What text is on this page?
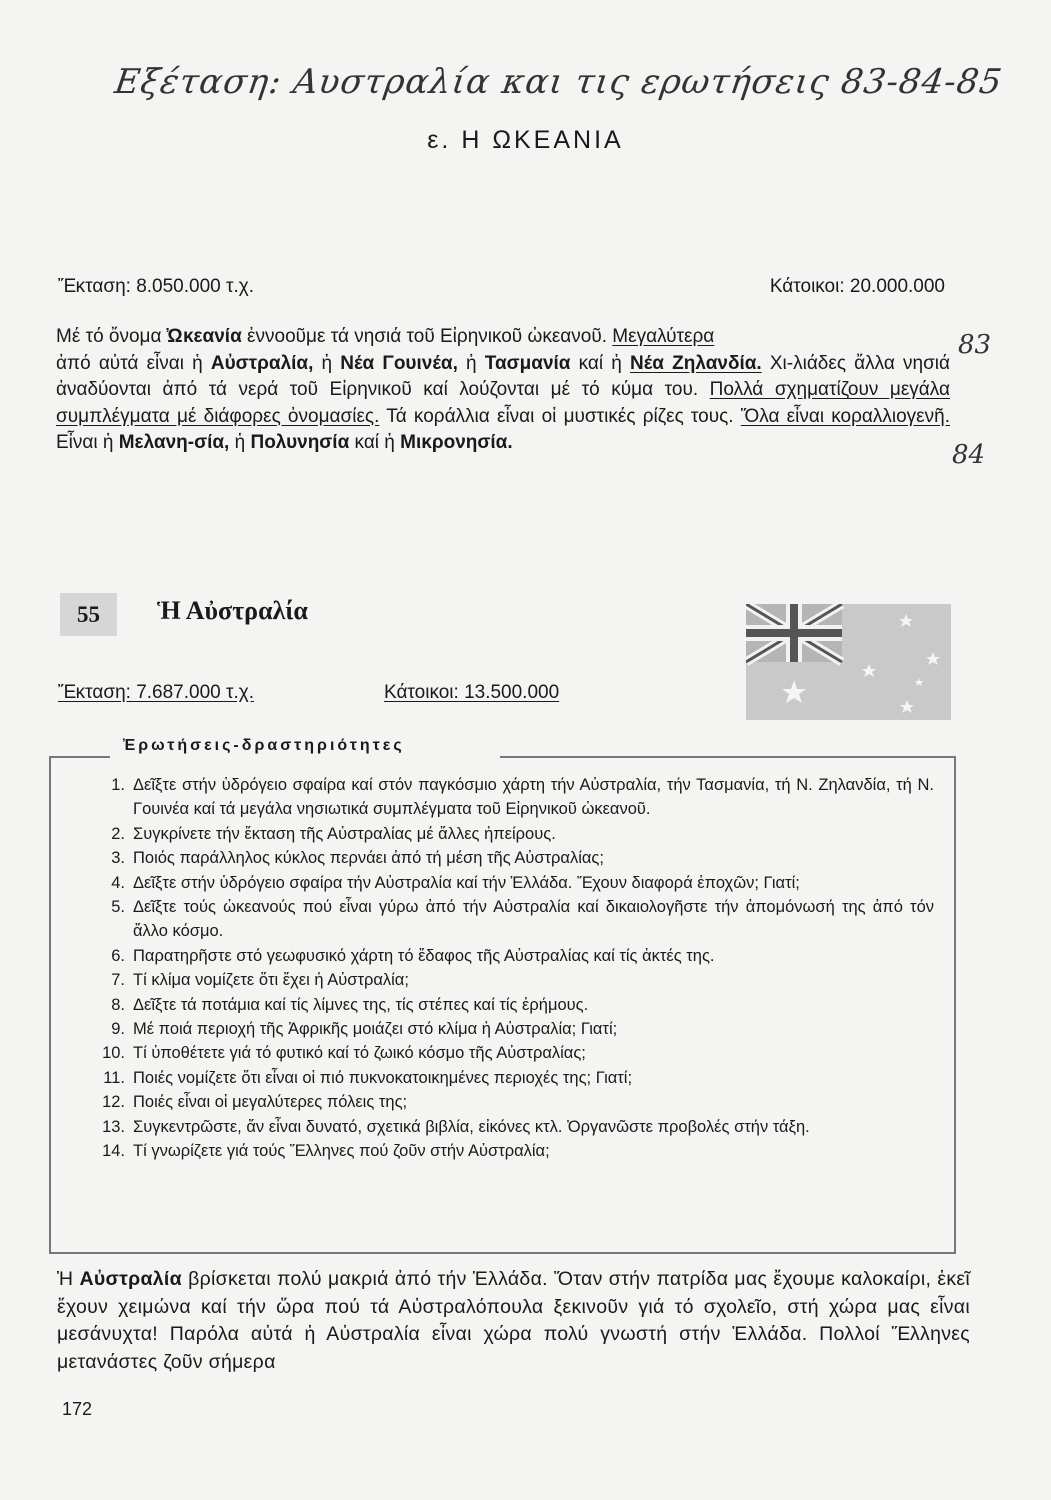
Εξέταση: Αυστραλία και τις ερωτήσεις 83-84-85
83
84
ε. Η ΩΚΕΑΝΙΑ
Ἔκταση: 8.050.000 τ.χ.	Κάτοικοι: 20.000.000
Μέ τό ὄνομα Ὠκεανία ἐννοοῦμε τά νησιά τοῦ Εἰρηνικοῦ ὠκεανοῦ. Μεγαλύτερα
ἀπό αὐτά εἶναι ἡ Αὐστραλία, ἡ Νέα Γουινέα, ἡ Τασμανία καί ἡ Νέα Ζηλανδία. Χι-λιάδες ἄλλα νησιά ἀναδύονται ἀπό τά νερά τοῦ Εἰρηνικοῦ καί λούζονται μέ τό κύμα του. Πολλά σχηματίζουν μεγάλα συμπλέγματα μέ διάφορες ὀνομασίες. Τά κοράλλια εἶναι οἱ μυστικές ρίζες τους. Ὅλα εἶναι κοραλλιογενῆ. Εἶναι ἡ Μελανη-σία, ἡ Πολυνησία καί ἡ Μικρονησία.
55	Ἡ Αὐστραλία
Ἔκταση: 7.687.000 τ.χ.	Κάτοικοι: 13.500.000
Ἐρωτήσεις-δραστηριότητες
1. Δεῖξτε στήν ὑδρόγειο σφαίρα καί στόν παγκόσμιο χάρτη τήν Αὐστραλία, τήν Τασμανία, τή Ν. Ζηλανδία, τή Ν. Γουινέα καί τά μεγάλα νησιωτικά συμπλέγματα τοῦ Εἰρηνικοῦ ὠκεανοῦ.
2. Συγκρίνετε τήν ἔκταση τῆς Αὐστραλίας μέ ἄλλες ἠπείρους.
3. Ποιός παράλληλος κύκλος περνάει ἀπό τή μέση τῆς Αὐστραλίας;
4. Δεῖξτε στήν ὑδρόγειο σφαίρα τήν Αὐστραλία καί τήν Ἑλλάδα. Ἔχουν διαφορά ἐποχῶν; Γιατί;
5. Δεῖξτε τούς ὠκεανούς πού εἶναι γύρω ἀπό τήν Αὐστραλία καί δικαιολογῆστε τήν ἀπομόνωσή της ἀπό τόν ἄλλο κόσμο.
6. Παρατηρῆστε στό γεωφυσικό χάρτη τό ἔδαφος τῆς Αὐστραλίας καί τίς ἀκτές της.
7. Τί κλίμα νομίζετε ὅτι ἔχει ἡ Αὐστραλία;
8. Δεῖξτε τά ποτάμια καί τίς λίμνες της, τίς στέπες καί τίς ἐρήμους.
9. Μέ ποιά περιοχή τῆς Ἀφρικῆς μοιάζει στό κλίμα ἡ Αὐστραλία; Γιατί;
10. Τί ὑποθέτετε γιά τό φυτικό καί τό ζωικό κόσμο τῆς Αὐστραλίας;
11. Ποιές νομίζετε ὅτι εἶναι οἱ πιό πυκνοκατοικημένες περιοχές της; Γιατί;
12. Ποιές εἶναι οἱ μεγαλύτερες πόλεις της;
13. Συγκεντρῶστε, ἄν εἶναι δυνατό, σχετικά βιβλία, εἰκόνες κτλ. Ὀργανῶστε προβολές στήν τάξη.
14. Τί γνωρίζετε γιά τούς Ἕλληνες πού ζοῦν στήν Αὐστραλία;
Ἡ Αὐστραλία βρίσκεται πολύ μακριά ἀπό τήν Ἑλλάδα. Ὅταν στήν πατρίδα μας ἔχουμε καλοκαίρι, ἐκεῖ ἔχουν χειμώνα καί τήν ὥρα πού τά Αὐστραλόπουλα ξεκινοῦν γιά τό σχολεῖο, στή χώρα μας εἶναι μεσάνυχτα! Παρόλα αὐτά ἡ Αὐστραλία εἶναι χώρα πολύ γνωστή στήν Ἑλλάδα. Πολλοί Ἕλληνες μετανάστες ζοῦν σήμερα
172
